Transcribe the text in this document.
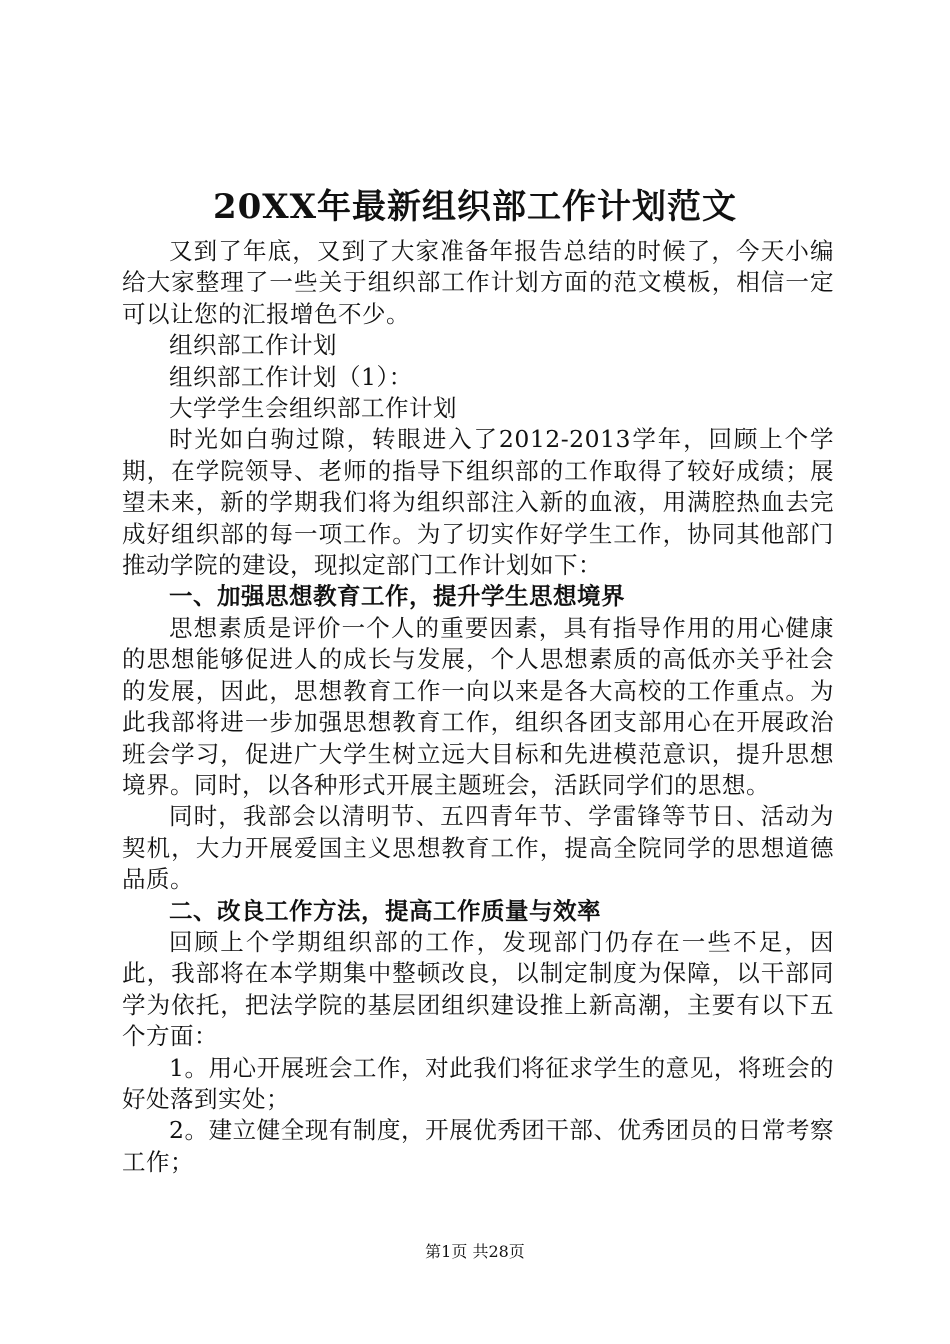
20XX年最新组织部工作计划范文

又到了年底，又到了大家准备年报告总结的时候了，今天小编给大家整理了一些关于组织部工作计划方面的范文模板，相信一定可以让您的汇报增色不少。

组织部工作计划

组织部工作计划（1）：

大学学生会组织部工作计划

时光如白驹过隙，转眼进入了2012-2013学年，回顾上个学期，在学院领导、老师的指导下组织部的工作取得了较好成绩；展望未来，新的学期我们将为组织部注入新的血液，用满腔热血去完成好组织部的每一项工作。为了切实作好学生工作，协同其他部门推动学院的建设，现拟定部门工作计划如下：

一、加强思想教育工作，提升学生思想境界

思想素质是评价一个人的重要因素，具有指导作用的用心健康的思想能够促进人的成长与发展，个人思想素质的高低亦关乎社会的发展，因此，思想教育工作一向以来是各大高校的工作重点。为此我部将进一步加强思想教育工作，组织各团支部用心在开展政治班会学习，促进广大学生树立远大目标和先进模范意识，提升思想境界。同时，以各种形式开展主题班会，活跃同学们的思想。

同时，我部会以清明节、五四青年节、学雷锋等节日、活动为契机，大力开展爱国主义思想教育工作，提高全院同学的思想道德品质。

二、改良工作方法，提高工作质量与效率

回顾上个学期组织部的工作，发现部门仍存在一些不足，因此，我部将在本学期集中整顿改良，以制定制度为保障，以干部同学为依托，把法学院的基层团组织建设推上新高潮，主要有以下五个方面：

1。用心开展班会工作，对此我们将征求学生的意见，将班会的好处落到实处；

2。建立健全现有制度，开展优秀团干部、优秀团员的日常考察工作；

第1页 共28页
